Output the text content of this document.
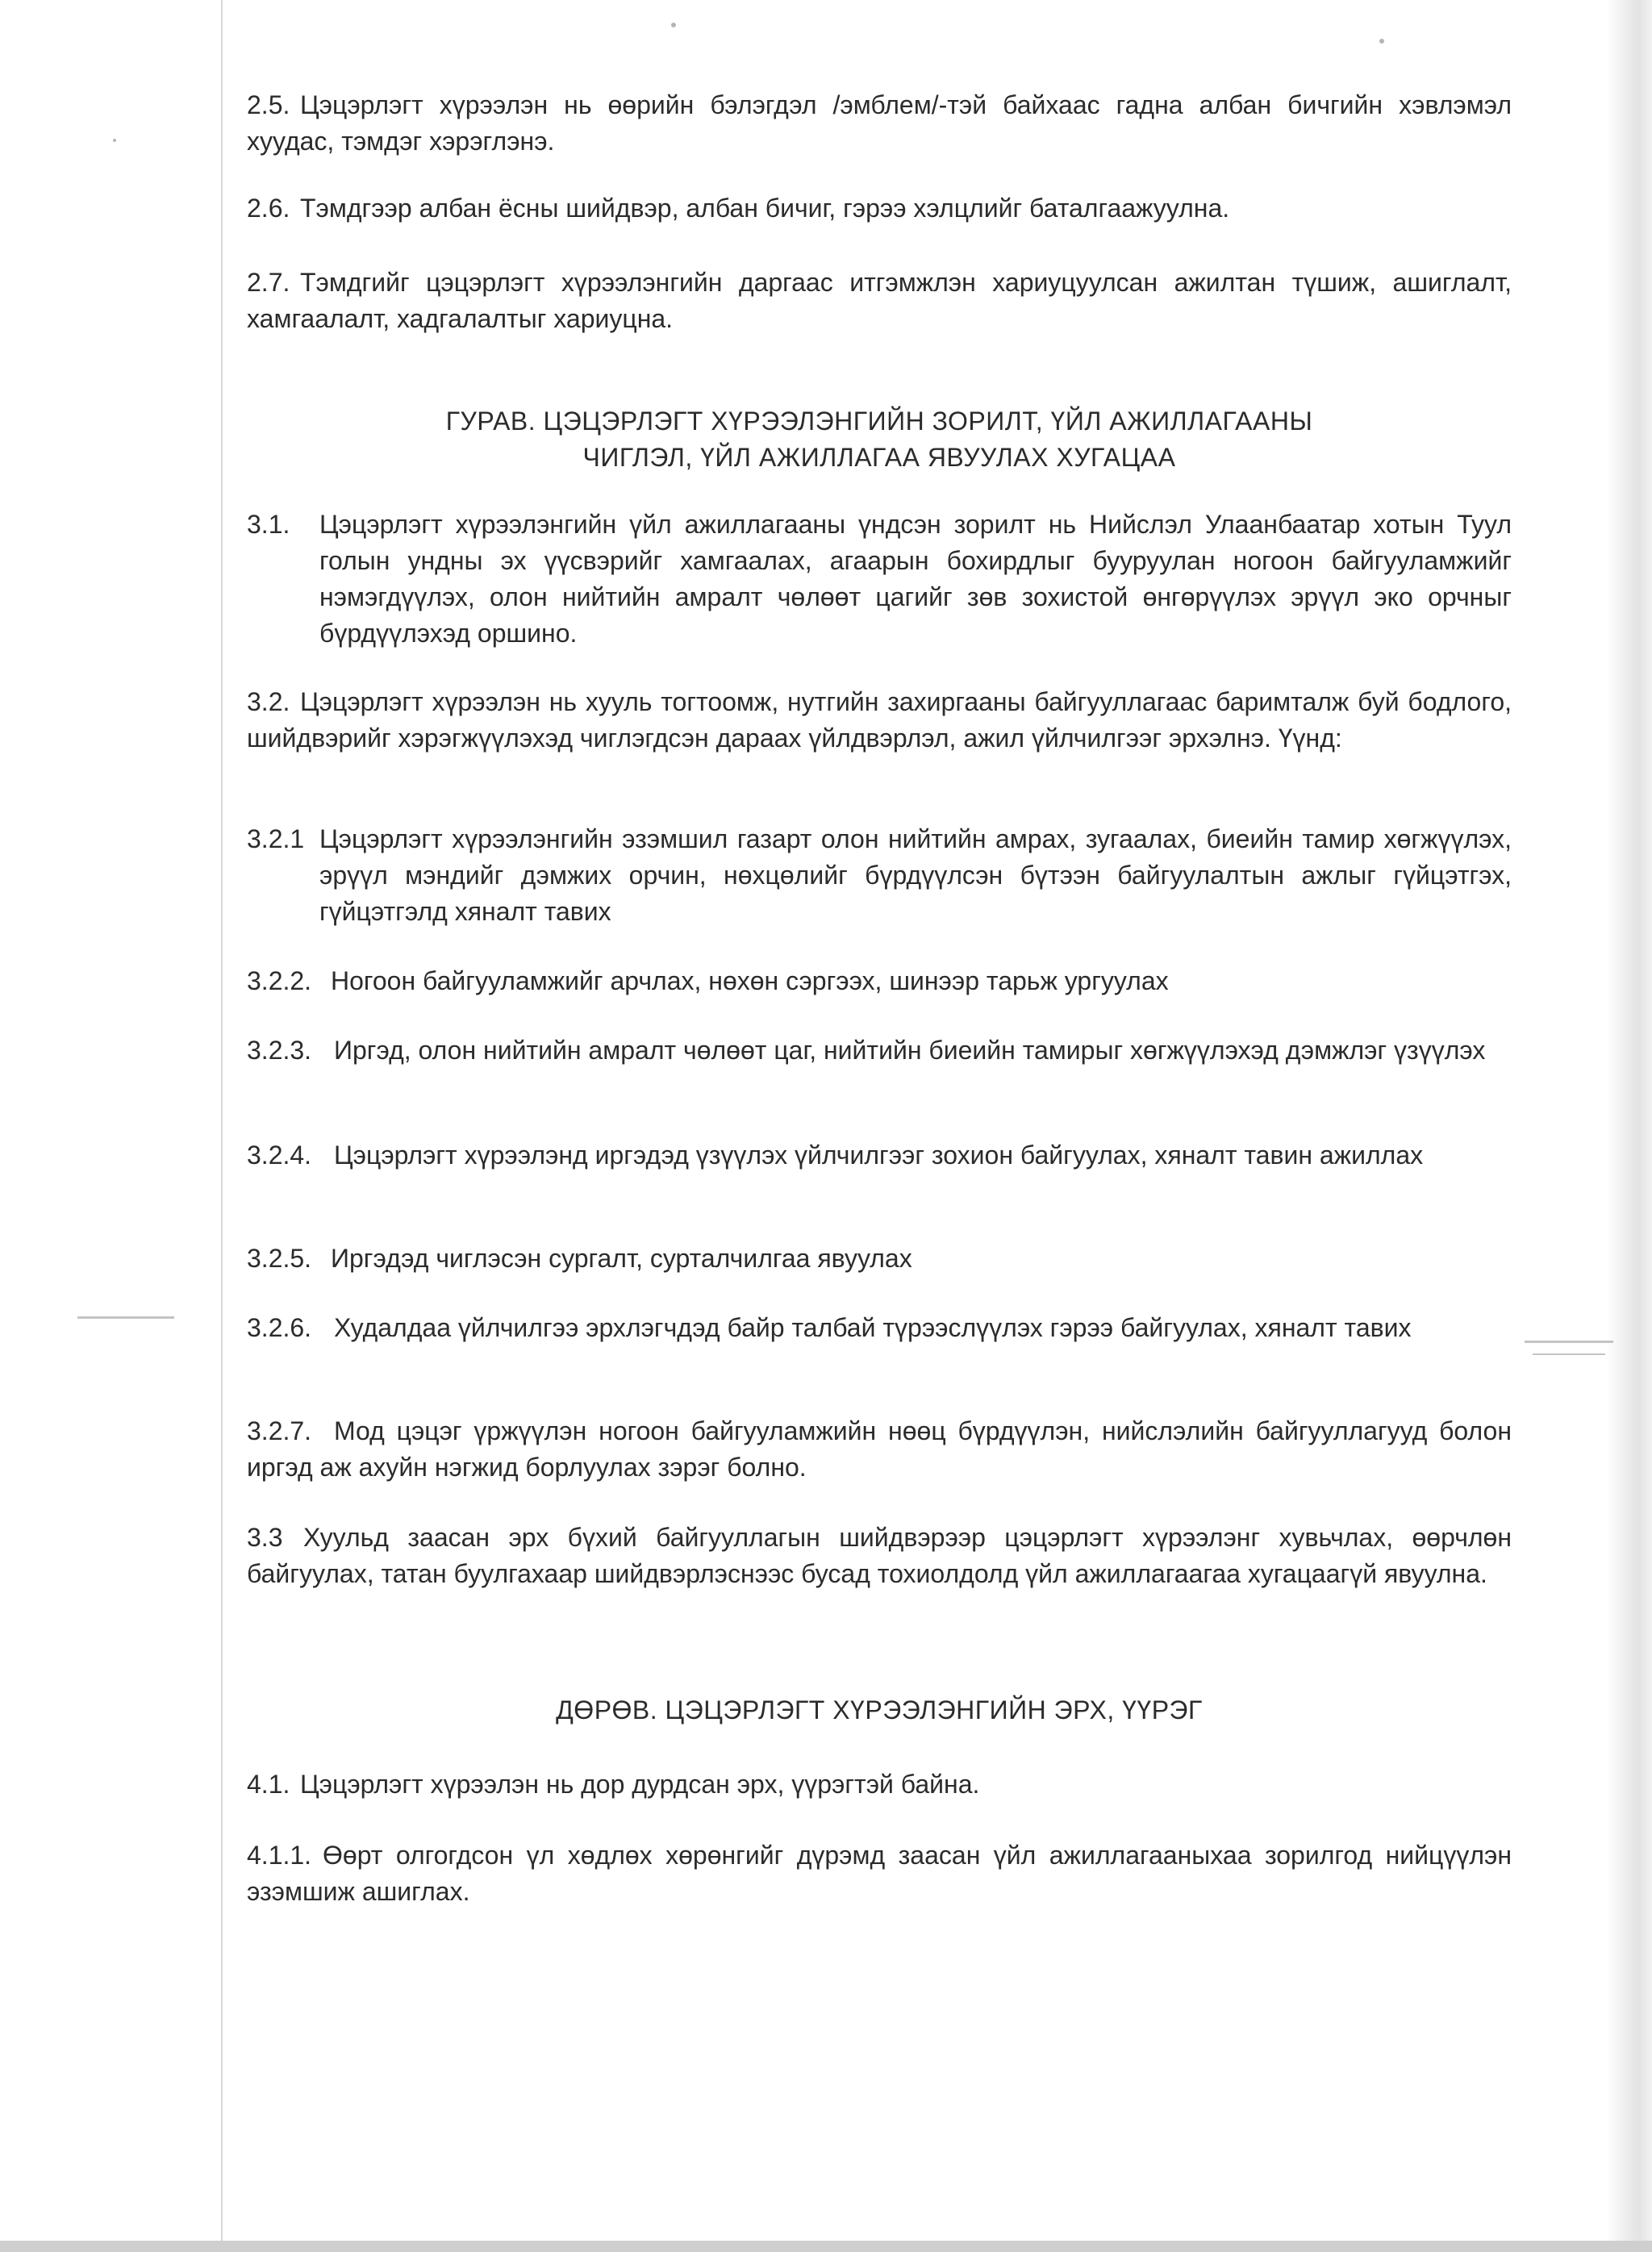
2.5. Цэцэрлэгт хүрээлэн нь өөрийн бэлэгдэл /эмблем/-тэй байхаас гадна албан бичгийн хэвлэмэл хуудас, тэмдэг хэрэглэнэ.
2.6. Тэмдгээр албан ёсны шийдвэр, албан бичиг, гэрээ хэлцлийг баталгаажуулна.
2.7. Тэмдгийг цэцэрлэгт хүрээлэнгийн даргаас итгэмжлэн хариуцуулсан ажилтан түшиж, ашиглалт, хамгаалалт, хадгалалтыг хариуцна.
ГУРАВ. ЦЭЦЭРЛЭГТ ХҮРЭЭЛЭНГИЙН ЗОРИЛТ, ҮЙЛ АЖИЛЛАГААНЫ
ЧИГЛЭЛ, ҮЙЛ АЖИЛЛАГАА ЯВУУЛАХ ХУГАЦАА
3.1. Цэцэрлэгт хүрээлэнгийн үйл ажиллагааны үндсэн зорилт нь Нийслэл Улаанбаатар хотын Туул голын ундны эх үүсвэрийг хамгаалах, агаарын бохирдлыг бууруулан ногоон байгууламжийг нэмэгдүүлэх, олон нийтийн амралт чөлөөт цагийг зөв зохистой өнгөрүүлэх эрүүл эко орчныг бүрдүүлэхэд оршино.
3.2. Цэцэрлэгт хүрээлэн нь хууль тогтоомж, нутгийн захиргааны байгууллагаас баримталж буй бодлого, шийдвэрийг хэрэгжүүлэхэд чиглэгдсэн дараах үйлдвэрлэл, ажил үйлчилгээг эрхэлнэ. Үүнд:
3.2.1 Цэцэрлэгт хүрээлэнгийн эзэмшил газарт олон нийтийн амрах, зугаалах, биеийн тамир хөгжүүлэх, эрүүл мэндийг дэмжих орчин, нөхцөлийг бүрдүүлсэн бүтээн байгуулалтын ажлыг гүйцэтгэх, гүйцэтгэлд хяналт тавих
3.2.2. Ногоон байгууламжийг арчлах, нөхөн сэргээх, шинээр тарьж ургуулах
3.2.3. Иргэд, олон нийтийн амралт чөлөөт цаг, нийтийн биеийн тамирыг хөгжүүлэхэд дэмжлэг үзүүлэх
3.2.4. Цэцэрлэгт хүрээлэнд иргэдэд үзүүлэх үйлчилгээг зохион байгуулах, хяналт тавин ажиллах
3.2.5. Иргэдэд чиглэсэн сургалт, сурталчилгаа явуулах
3.2.6. Худалдаа үйлчилгээ эрхлэгчдэд байр талбай түрээслүүлэх гэрээ байгуулах, хяналт тавих
3.2.7. Мод цэцэг үржүүлэн ногоон байгууламжийн нөөц бүрдүүлэн, нийслэлийн байгууллагууд болон иргэд аж ахуйн нэгжид борлуулах зэрэг болно.
3.3 Хуульд заасан эрх бүхий байгууллагын шийдвэрээр цэцэрлэгт хүрээлэнг хувьчлах, өөрчлөн байгуулах, татан буулгахаар шийдвэрлэснээс бусад тохиолдолд үйл ажиллагаагаа хугацаагүй явуулна.
ДӨРӨВ. ЦЭЦЭРЛЭГТ ХҮРЭЭЛЭНГИЙН ЭРХ, ҮҮРЭГ
4.1. Цэцэрлэгт хүрээлэн нь дор дурдсан эрх, үүрэгтэй байна.
4.1.1. Өөрт олгогдсон үл хөдлөх хөрөнгийг дүрэмд заасан үйл ажиллагааныхаа зорилгод нийцүүлэн эзэмшиж ашиглах.
